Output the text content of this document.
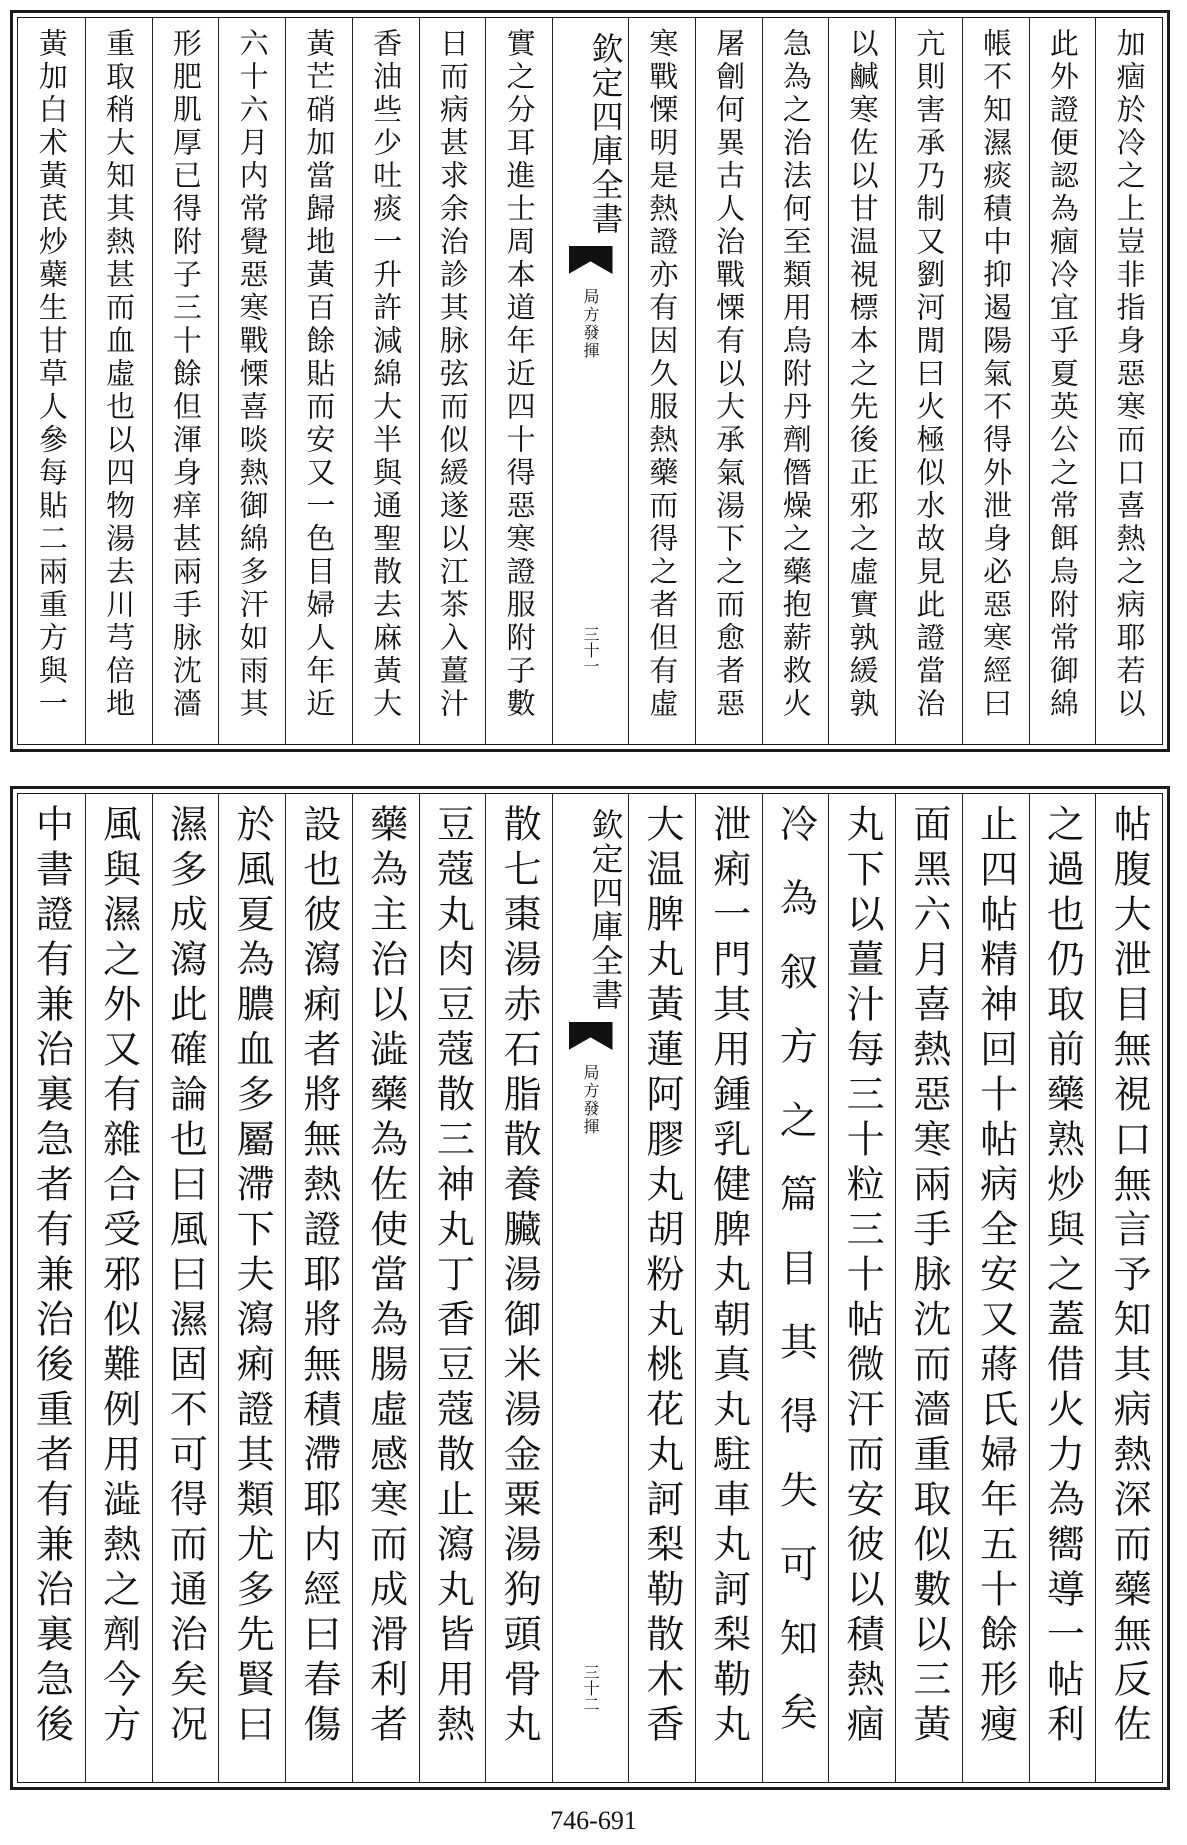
加痼於冷之上豈非指身惡寒而口喜熱之病耶若以
此外證便認為痼冷宜乎夏英公之常餌烏附常御綿
帳不知濕痰積中抑遏陽氣不得外泄身必惡寒經曰
亢則害承乃制又劉河閒曰火極似水故見此證當治
以鹹寒佐以甘温視標本之先後正邪之虛實孰緩孰
急為之治法何至類用烏附丹劑僭燥之藥抱薪救火
屠劊何異古人治戰慄有以大承氣湯下之而愈者惡
寒戰慄明是熱證亦有因久服熱藥而得之者但有虛
欽定四庫全書
局方發揮
三十一
實之分耳進士周本道年近四十得惡寒證服附子數
日而病甚求余治診其脉弦而似緩遂以江茶入薑汁
香油些少吐痰一升許減綿大半與通聖散去麻黃大
黃芒硝加當歸地黃百餘貼而安又一色目婦人年近
六十六月内常覺惡寒戰慄喜啖熱御綿多汗如雨其
形肥肌厚已得附子三十餘但渾身痒甚兩手脉沈濇
重取稍大知其熱甚而血虛也以四物湯去川芎倍地
黃加白术黃芪炒蘗生甘草人參每貼二兩重方與一
帖腹大泄目無視口無言予知其病熱深而藥無反佐
之過也仍取前藥熟炒與之蓋借火力為嚮導一帖利
止四帖精神回十帖病全安又蔣氏婦年五十餘形瘦
面黑六月喜熱惡寒兩手脉沈而濇重取似數以三黃
丸下以薑汁每三十粒三十帖微汗而安彼以積熱痼
冷為叙方之篇目其得失可知矣
泄痢一門其用鍾乳健脾丸朝真丸駐車丸訶梨勒丸
大温脾丸黃蓮阿膠丸胡粉丸桃花丸訶梨勒散木香
欽定四庫全書
局方發揮
三十二
散七棗湯赤石脂散養臟湯御米湯金粟湯狗頭骨丸
豆蔻丸肉豆蔻散三神丸丁香豆蔻散止瀉丸皆用熱
藥為主治以澁藥為佐使當為腸虛感寒而成滑利者
設也彼瀉痢者將無熱證耶將無積滯耶内經曰春傷
於風夏為膿血多屬滯下夫瀉痢證其類尤多先賢曰
濕多成瀉此確論也曰風曰濕固不可得而通治矣况
風與濕之外又有雜合受邪似難例用澁熱之劑今方
中書證有兼治裏急者有兼治後重者有兼治裏急後
746-691
